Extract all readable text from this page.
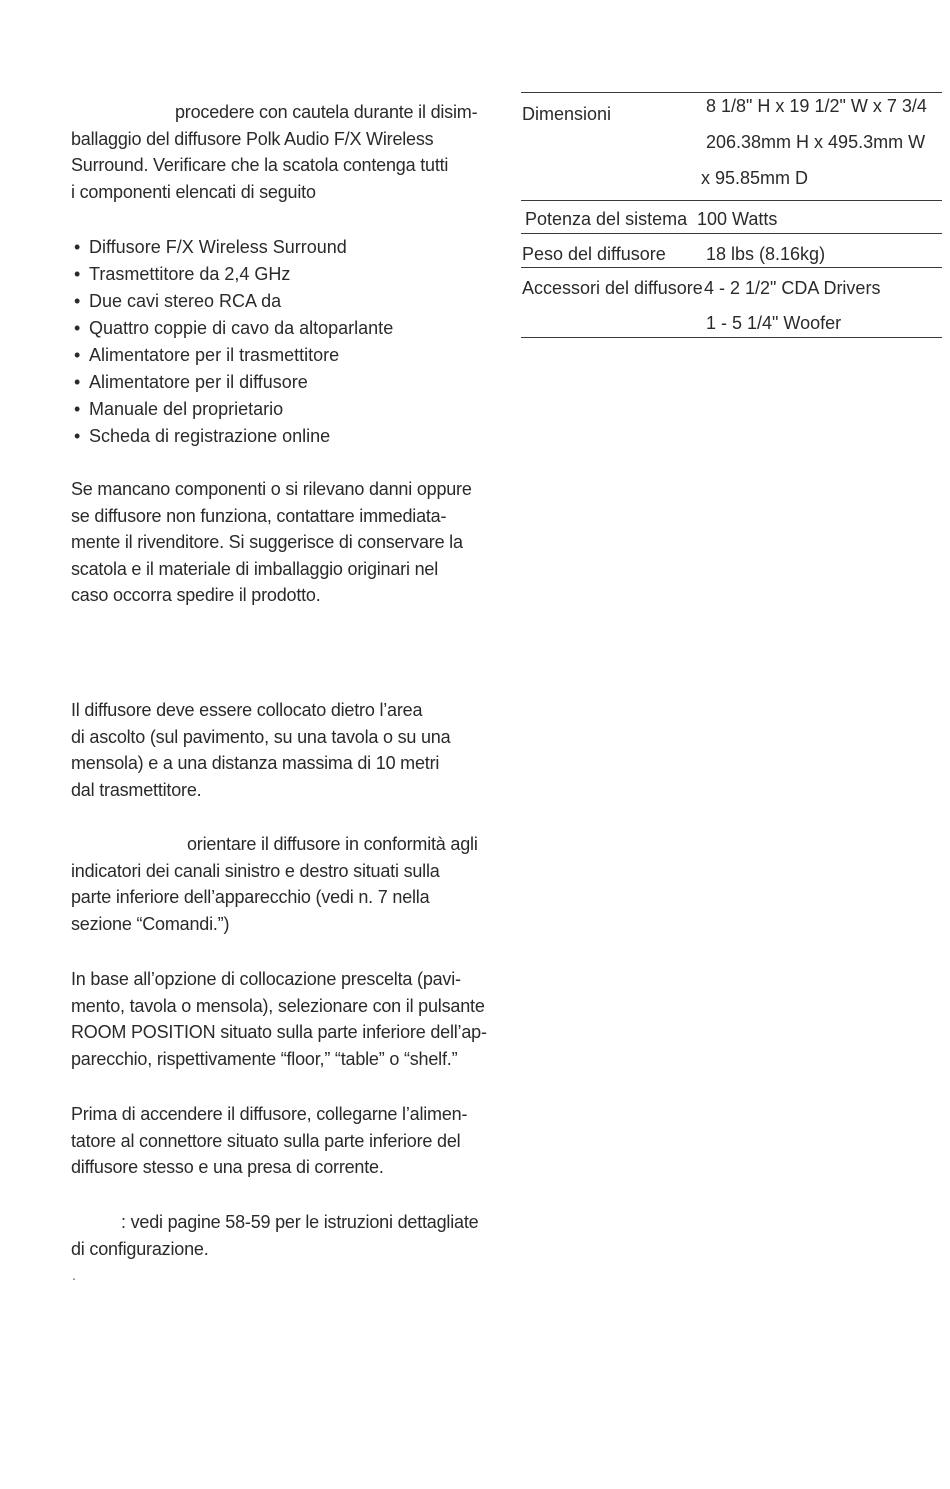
procedere con cautela durante il disim-
ballaggio del diffusore Polk Audio F/X Wireless
Surround. Verificare che la scatola contenga tutti
i componenti elencati di seguito
• Diffusore F/X Wireless Surround
• Trasmettitore da 2,4 GHz
• Due cavi stereo RCA da
• Quattro coppie di cavo da altoparlante
• Alimentatore per il trasmettitore
• Alimentatore per il diffusore
• Manuale del proprietario
• Scheda di registrazione online
Se mancano componenti o si rilevano danni oppure
se diffusore non funziona, contattare immediata-
mente il rivenditore. Si suggerisce di conservare la
scatola e il materiale di imballaggio originari nel
caso occorra spedire il prodotto.
Il diffusore deve essere collocato dietro l’area
di ascolto (sul pavimento, su una tavola o su una
mensola) e a una distanza massima di 10 metri
dal trasmettitore.
orientare il diffusore in conformità agli
indicatori dei canali sinistro e destro situati sulla
parte inferiore dell’apparecchio (vedi n. 7 nella
sezione “Comandi.”)
In base all’opzione di collocazione prescelta (pavi-
mento, tavola o mensola), selezionare con il pulsante
ROOM POSITION situato sulla parte inferiore dell’ap-
parecchio, rispettivamente “floor,” “table” o “shelf.”
Prima di accendere il diffusore, collegarne l’alimen-
tatore al connettore situato sulla parte inferiore del
diffusore stesso e una presa di corrente.
: vedi pagine 58-59 per le istruzioni dettagliate
di configurazione.
.
Dimensioni	8 1/8" H x 19 1/2" W x 7 3/4
206.38mm H x 495.3mm W
x 95.85mm D
Potenza del sistema 100 Watts
Peso del diffusore 18 lbs (8.16kg)
Accessori del diffusore 4 - 2 1/2" CDA Drivers
1 - 5 1/4" Woofer
